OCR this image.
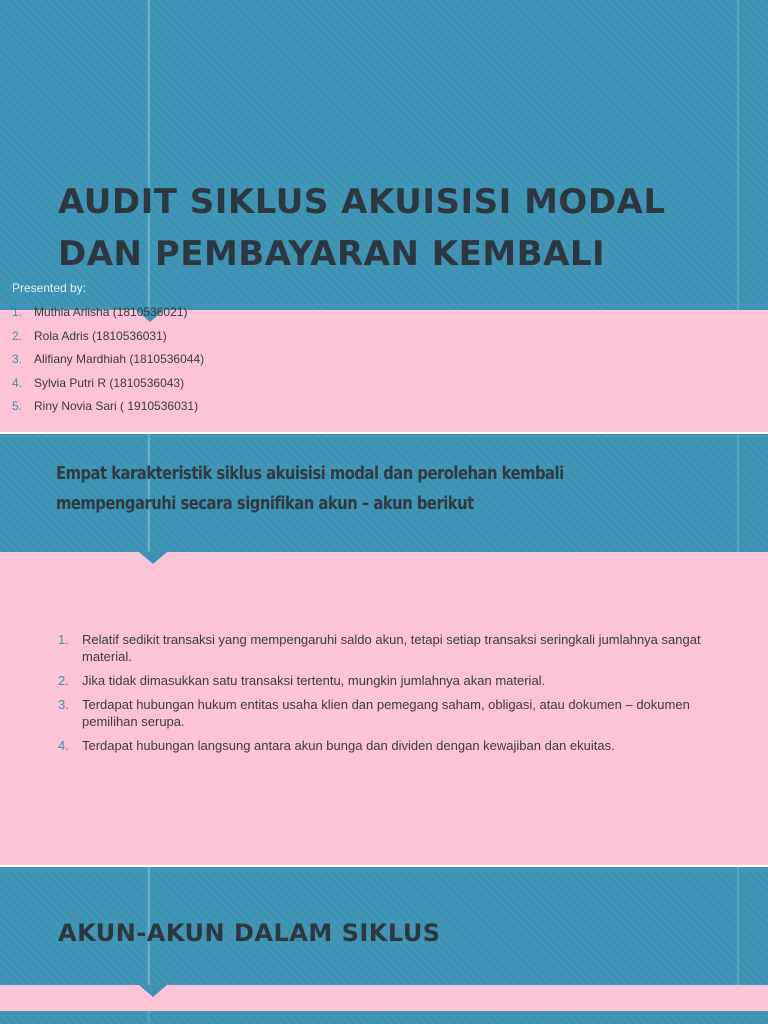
AUDIT SIKLUS AKUISISI MODAL DAN PEMBAYARAN KEMBALI
Presented by:
1. Muthia Arlisha (1810536021)
2. Rola Adris (1810536031)
3. Alifiany Mardhiah (1810536044)
4. Sylvia Putri R (1810536043)
5. Riny Novia Sari ( 1910536031)
Empat karakteristik siklus akuisisi modal dan perolehan kembali mempengaruhi secara signifikan akun – akun berikut
1.	Relatif sedikit transaksi yang mempengaruhi saldo akun, tetapi setiap transaksi seringkali jumlahnya sangat material.
2.	Jika tidak dimasukkan satu transaksi tertentu, mungkin jumlahnya akan material.
3.	Terdapat hubungan hukum entitas usaha klien dan pemegang saham, obligasi, atau dokumen – dokumen pemilihan serupa.
4.	Terdapat hubungan langsung antara akun bunga dan dividen dengan kewajiban dan ekuitas.
AKUN-AKUN DALAM SIKLUS
